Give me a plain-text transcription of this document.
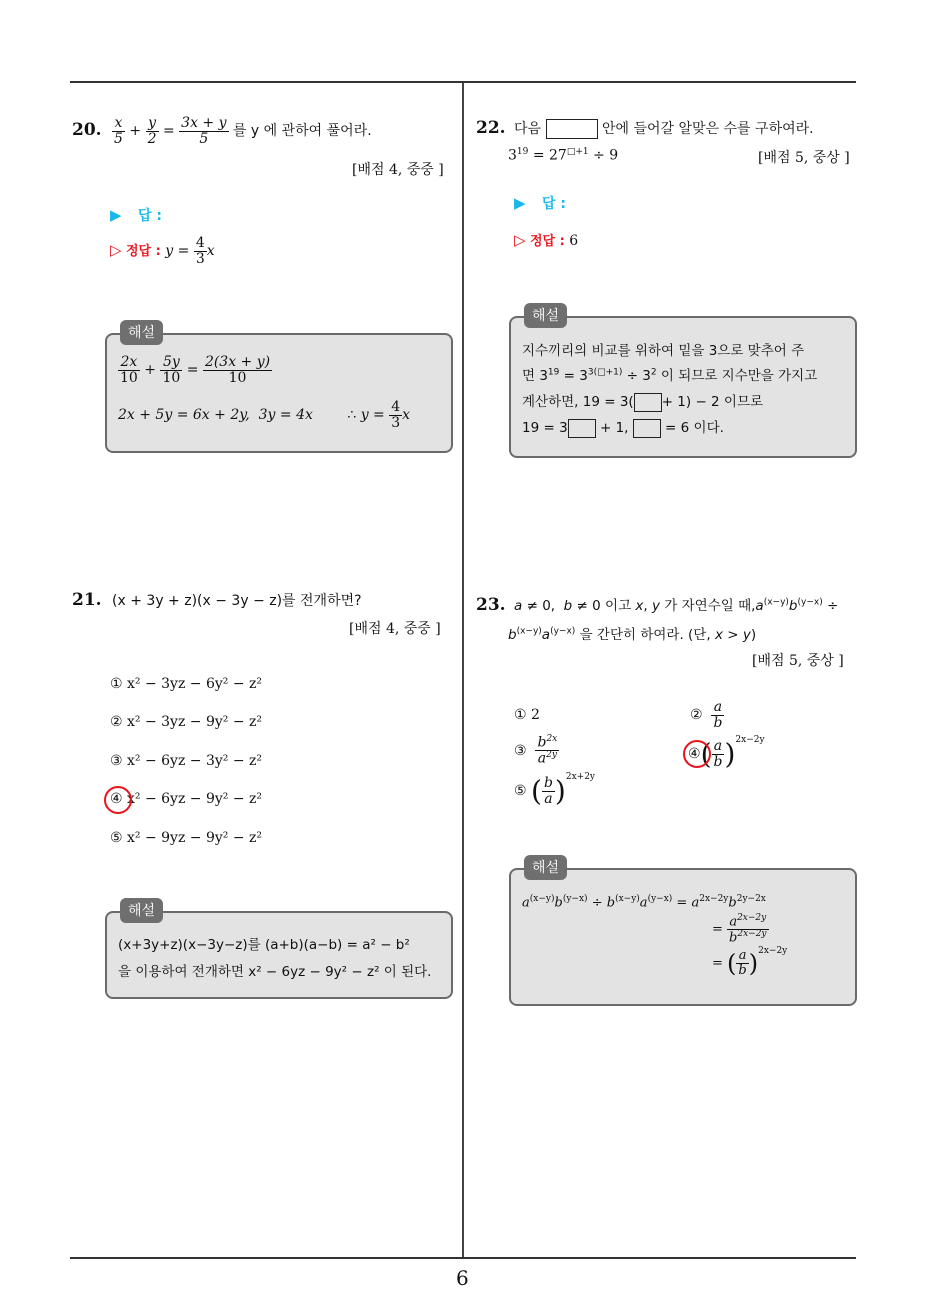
20. $\frac{x}{5} + \frac{y}{2} = \frac{3x + y}{5}$ 를 y 에 관하여 풀어라.
[배점 4, 중중 ]
▶ 답 :
▷ 정답 : $y = \frac{4}{3}$ x
해설
$\frac{2x}{10} + \frac{5y}{10} = \frac{2(3x + y)}{10}$
2x + 5y = 6x + 2y,  3y = 4x ∴ $y = \frac{4}{3}$ x
21. (x + 3y + z)(x − 3y − z)를 전개하면?
[배점 4, 중중 ]
① x² − 3yz − 6y² − z²
② x² − 3yz − 9y² − z²
③ x² − 6yz − 3y² − z²
④ x² − 6yz − 9y² − z²
⑤ x² − 9yz − 9y² − z²
해설
(x+3y+z)(x−3y−z)를 (a+b)(a−b) = a² − b²
을 이용하여 전개하면 x² − 6yz − 9y² − z² 이 된다.
22. 다음	안에 들어갈 알맞은 수를 구하여라.
$3^{19} = 27^{□+1} \div 9$	[배점 5, 중상 ]
▶ 답 :
▷ 정답 : 6
해설
지수끼리의 비교를 위하여 밑을 3으로 맞추어 주
면 $3^{19} = 3^{3(□+1)} \div 3^2$ 이 되므로 지수만을 가지고
계산하면, 19 = 3( + 1) − 2 이므로
19 = 3 + 1,  = 6 이다.
23. a ≠ 0,  b ≠ 0 이고 x, y 가 자연수일 때$,a^{(x-y)}b^{(y-x)}$ ÷
$b^{(x-y)}a^{(y-x)}$ 을 간단히 하여라. (단, x > y)
[배점 5, 중상 ]
① 2	② $\frac{a}{b}$
③ $\frac{b^{2x}}{a^{2y}}$	④( $\frac{a}{b} )^{2x-2y}$
⑤ ( $\frac{b}{a} )^{2x+2y}$
해설
$a^{(x-y)}b^{(y-x)} \div b^{(x-y)}a^{(y-x)} = a^{2x-2y}b^{2y-2x}$
= $\frac{a^{2x-2y}}{b^{2x-2y}}$
= ( $\frac{a}{b} )^{2x-2y}$
6
